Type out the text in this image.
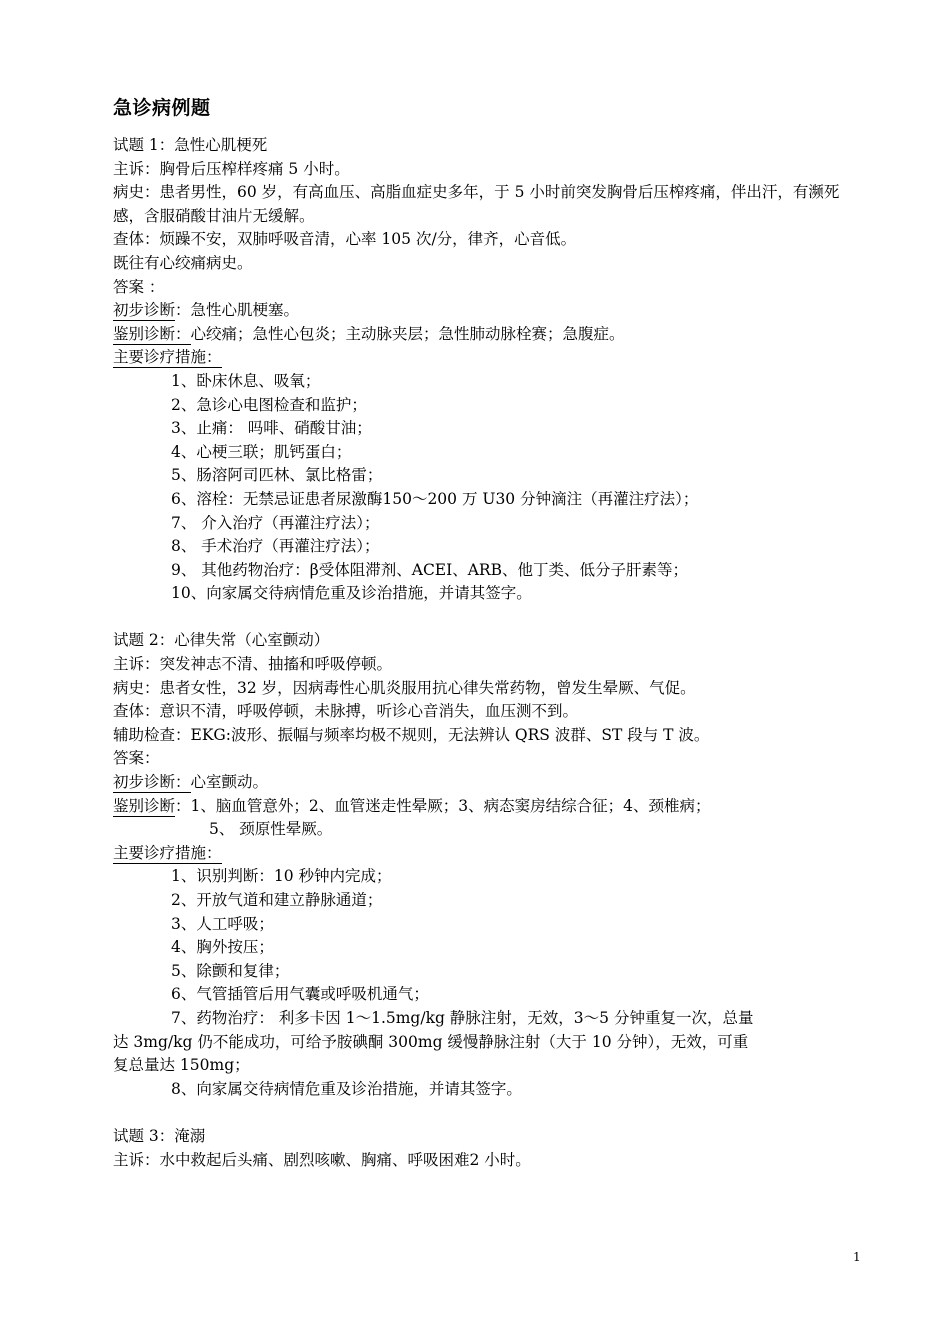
急诊病例题
试题 1：急性心肌梗死
主诉：胸骨后压榨样疼痛 5 小时。
病史：患者男性，60 岁，有高血压、高脂血症史多年，于 5 小时前突发胸骨后压榨疼痛，伴出汗，有濒死感，含服硝酸甘油片无缓解。
查体：烦躁不安，双肺呼吸音清，心率 105 次/分，律齐，心音低。
既往有心绞痛病史。
答案 ：
初步诊断：急性心肌梗塞。
鉴别诊断：心绞痛；急性心包炎；主动脉夹层；急性肺动脉栓赛；急腹症。
主要诊疗措施：
1、卧床休息、吸氧；
2、急诊心电图检查和监护；
3、止痛： 吗啡、硝酸甘油；
4、心梗三联；肌钙蛋白；
5、肠溶阿司匹林、氯比格雷；
6、溶栓：无禁忌证患者尿激酶150～200 万 U30 分钟滴注（再灌注疗法）；
7、 介入治疗（再灌注疗法）；
8、 手术治疗（再灌注疗法）；
9、 其他药物治疗：β受体阻滞剂、ACEI、ARB、他丁类、低分子肝素等；
10、向家属交待病情危重及诊治措施，并请其签字。
试题 2：心律失常（心室颤动）
主诉：突发神志不清、抽搐和呼吸停顿。
病史：患者女性，32 岁，因病毒性心肌炎服用抗心律失常药物，曾发生晕厥、气促。
查体：意识不清，呼吸停顿，未脉搏，听诊心音消失，血压测不到。
辅助检查：EKG:波形、振幅与频率均极不规则，无法辨认 QRS 波群、ST 段与 T 波。
答案：
初步诊断：心室颤动。
鉴别诊断：1、脑血管意外；2、血管迷走性晕厥；3、病态窦房结综合征；4、颈椎病；
5、 颈原性晕厥。
主要诊疗措施：
1、识别判断：10 秒钟内完成；
2、开放气道和建立静脉通道；
3、人工呼吸；
4、胸外按压；
5、除颤和复律；
6、气管插管后用气囊或呼吸机通气；
7、药物治疗： 利多卡因 1～1.5mg/kg 静脉注射，无效，3～5 分钟重复一次，总量
达 3mg/kg 仍不能成功，可给予胺碘酮 300mg 缓慢静脉注射（大于 10 分钟），无效，可重
复总量达 150mg；
8、向家属交待病情危重及诊治措施，并请其签字。
试题 3：淹溺
主诉：水中救起后头痛、剧烈咳嗽、胸痛、呼吸困难2 小时。
1
